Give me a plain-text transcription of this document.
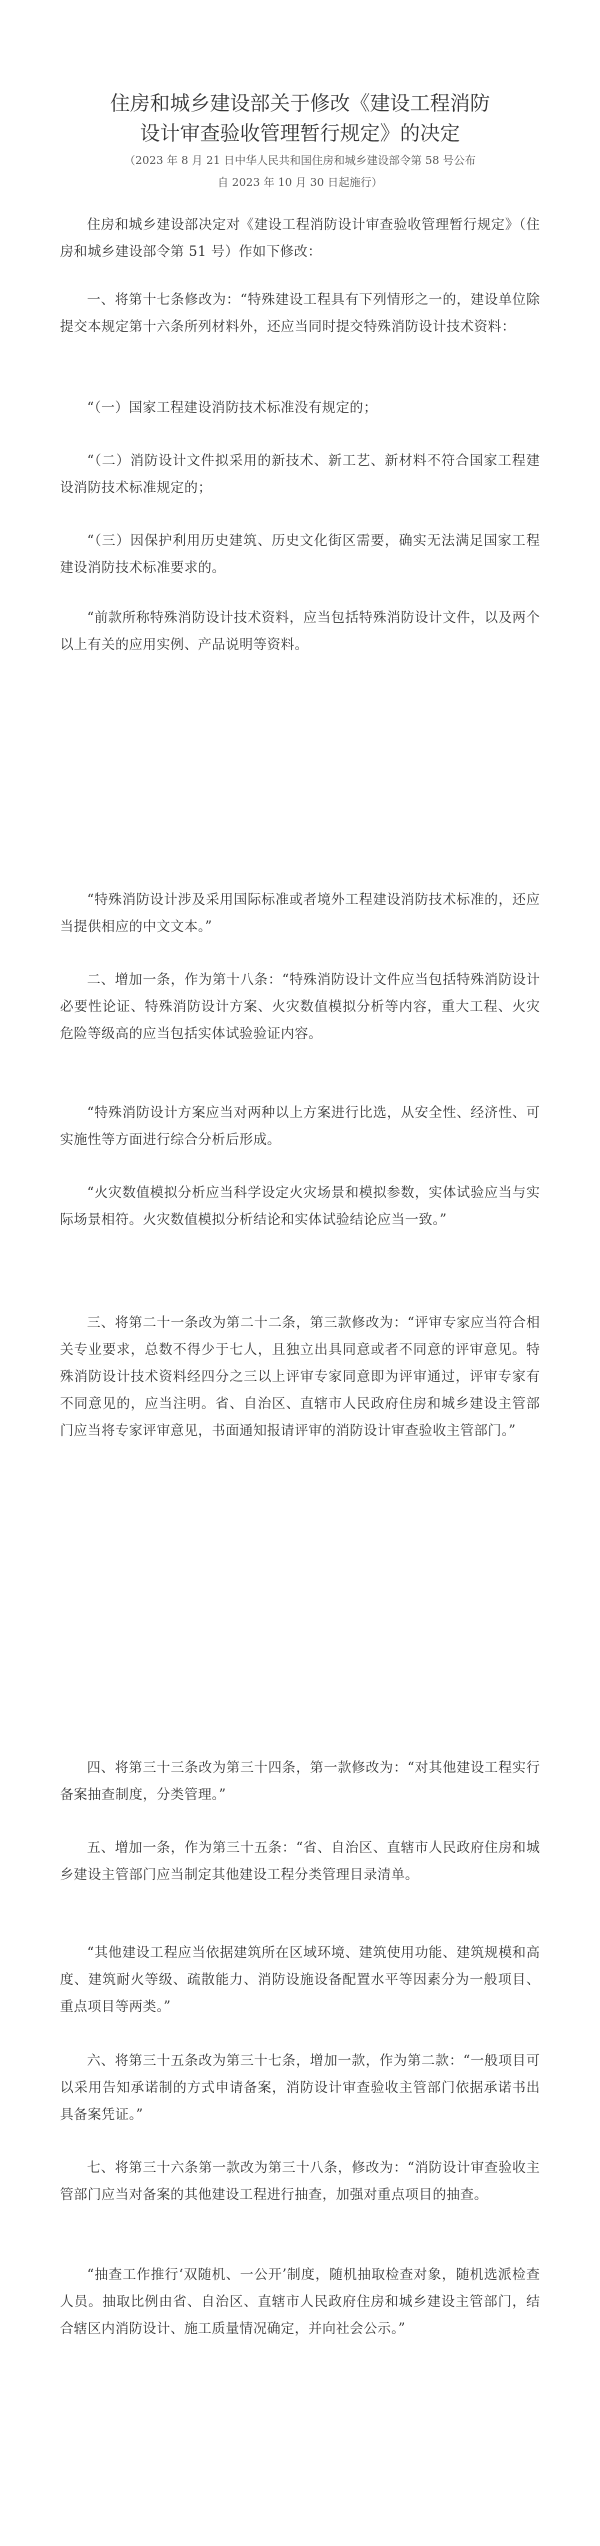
住房和城乡建设部关于修改《建设工程消防
设计审查验收管理暂行规定》的决定
（2023 年 8 月 21 日中华人民共和国住房和城乡建设部令第 58 号公布
自 2023 年 10 月 30 日起施行）

住房和城乡建设部决定对《建设工程消防设计审查验收管理暂行规定》（住房和城乡建设部令第 51 号）作如下修改：

一、将第十七条修改为：“特殊建设工程具有下列情形之一的，建设单位除提交本规定第十六条所列材料外，还应当同时提交特殊消防设计技术资料：

“（一）国家工程建设消防技术标准没有规定的；

“（二）消防设计文件拟采用的新技术、新工艺、新材料不符合国家工程建设消防技术标准规定的；

“（三）因保护利用历史建筑、历史文化街区需要，确实无法满足国家工程建设消防技术标准要求的。

“前款所称特殊消防设计技术资料，应当包括特殊消防设计文件，以及两个以上有关的应用实例、产品说明等资料。

“特殊消防设计涉及采用国际标准或者境外工程建设消防技术标准的，还应当提供相应的中文文本。”

二、增加一条，作为第十八条：“特殊消防设计文件应当包括特殊消防设计必要性论证、特殊消防设计方案、火灾数值模拟分析等内容，重大工程、火灾危险等级高的应当包括实体试验验证内容。

“特殊消防设计方案应当对两种以上方案进行比选，从安全性、经济性、可实施性等方面进行综合分析后形成。

“火灾数值模拟分析应当科学设定火灾场景和模拟参数，实体试验应当与实际场景相符。火灾数值模拟分析结论和实体试验结论应当一致。”

三、将第二十一条改为第二十二条，第三款修改为：“评审专家应当符合相关专业要求，总数不得少于七人，且独立出具同意或者不同意的评审意见。特殊消防设计技术资料经四分之三以上评审专家同意即为评审通过，评审专家有不同意见的，应当注明。省、自治区、直辖市人民政府住房和城乡建设主管部门应当将专家评审意见，书面通知报请评审的消防设计审查验收主管部门。”

四、将第三十三条改为第三十四条，第一款修改为：“对其他建设工程实行备案抽查制度，分类管理。”

五、增加一条，作为第三十五条：“省、自治区、直辖市人民政府住房和城乡建设主管部门应当制定其他建设工程分类管理目录清单。

“其他建设工程应当依据建筑所在区域环境、建筑使用功能、建筑规模和高度、建筑耐火等级、疏散能力、消防设施设备配置水平等因素分为一般项目、重点项目等两类。”

六、将第三十五条改为第三十七条，增加一款，作为第二款：“一般项目可以采用告知承诺制的方式申请备案，消防设计审查验收主管部门依据承诺书出具备案凭证。”

七、将第三十六条第一款改为第三十八条，修改为：“消防设计审查验收主管部门应当对备案的其他建设工程进行抽查，加强对重点项目的抽查。

“抽查工作推行‘双随机、一公开’制度，随机抽取检查对象，随机选派检查人员。抽取比例由省、自治区、直辖市人民政府住房和城乡建设主管部门，结合辖区内消防设计、施工质量情况确定，并向社会公示。”
